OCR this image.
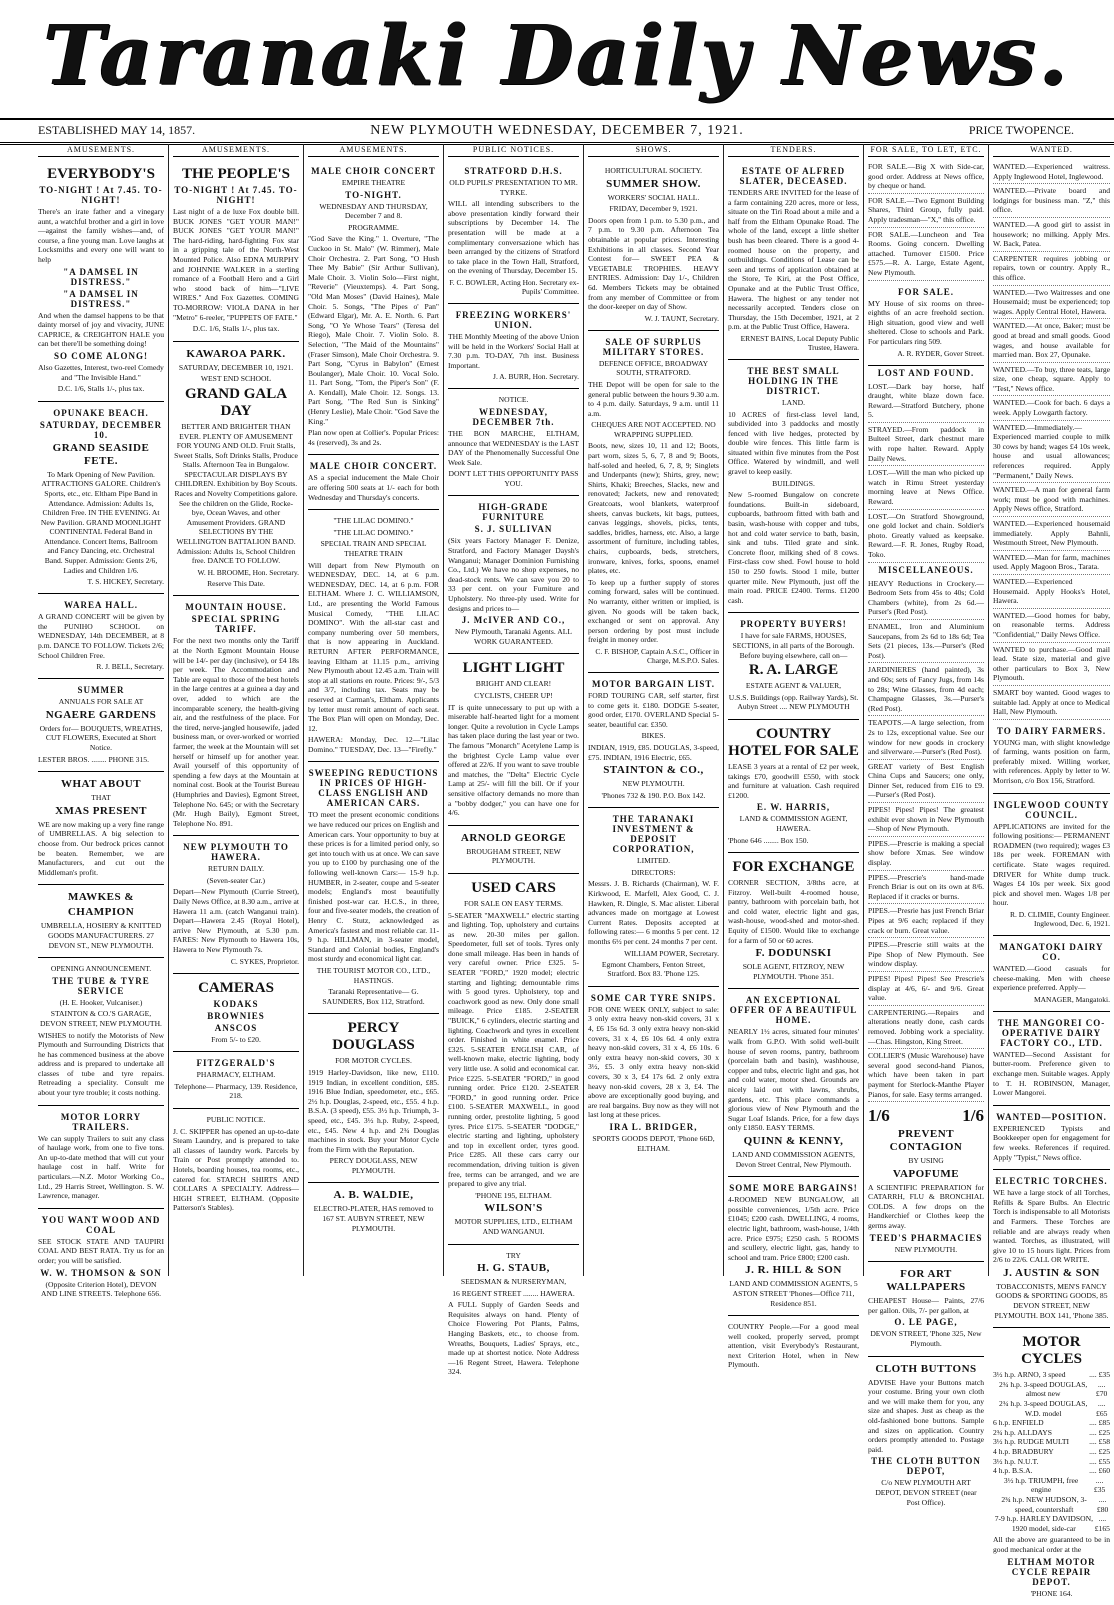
Taranaki Daily News.
ESTABLISHED MAY 14, 1857.	NEW PLYMOUTH WEDNESDAY, DECEMBER 7, 1921.	PRICE TWOPENCE.
AMUSEMENTS.
EVERYBODY'S
TO-NIGHT ! At 7.45. TO-NIGHT!
There's an irate father and a vinegary aunt, a watchful brother and a girl in love—against the family wishes—and, of course, a fine young man. Love laughs at Locksmiths and every one will want to help
"A DAMSEL IN DISTRESS."
"A DAMSEL IN DISTRESS."
And when the damsel happens to be that dainty morsel of joy and vivacity, JUNE CAPRICE, & CREIGHTON HALE you can bet there'll be something doing!
SO COME ALONG!
Also Gazettes, Interest, two-reel Comedy and "The Invisible Hand."
D.C. 1/6, Stalls 1/-, plus tax.
OPUNAKE BEACH.
SATURDAY, DECEMBER 10.
GRAND SEASIDE FETE.
To Mark Opening of New Pavilion. ATTRACTIONS GALORE. Children's Sports, etc., etc. Eltham Pipe Band in Attendance. Admission: Adults 1s, Children Free. IN THE EVENING. At New Pavilion. GRAND MOONLIGHT CONTINENTAL Federal Band in Attendance. Concert Items, Ballroom and Fancy Dancing, etc. Orchestral Band. Supper. Admission: Gents 2/6, Ladies and Children 1/6.
T. S. HICKEY, Secretary.
WAREA HALL.
A GRAND CONCERT will be given by the PUNIHO SCHOOL on WEDNESDAY, 14th DECEMBER, at 8 p.m. DANCE TO FOLLOW. Tickets 2/6; School Children Free.
R. J. BELL, Secretary.
SUMMER
ANNUALS FOR SALE AT
NGAERE GARDENS
Orders for— BOUQUETS, WREATHS, CUT FLOWERS, Executed at Short Notice.
LESTER BROS. ........ PHONE 315.
WHAT ABOUT
THAT
XMAS PRESENT
WE are now making up a very fine range of UMBRELLAS. A big selection to choose from. Our bedrock prices cannot be beaten. Remember, we are Manufacturers, and cut out the Middleman's profit.
MAWKES &
CHAMPION
UMBRELLA, HOSIERY & KNITTED GOODS MANUFACTURERS. 27 DEVON ST., NEW PLYMOUTH.
OPENING ANNOUNCEMENT.
THE TUBE & TYRE SERVICE
(H. E. Hooker, Vulcaniser.)
STAINTON & CO.'S GARAGE, DEVON STREET, NEW PLYMOUTH.
WISHES to notify the Motorists of New Plymouth and Surrounding Districts that he has commenced business at the above address and is prepared to undertake all classes of tube and tyre repairs. Retreading a speciality. Consult me about your tyre trouble; it costs nothing.
MOTOR LORRY TRAILERS.
We can supply Trailers to suit any class of haulage work, from one to five tons. An up-to-date method that will cut your haulage cost in half. Write for particulars.—N.Z. Motor Working Co., Ltd., 29 Harris Street, Wellington. S. W. Lawrence, manager.
YOU WANT WOOD AND COAL
SEE STOCK STATE AND TAUPIRI COAL AND BEST RATA. Try us for an order; you will be satisfied.
W. W. THOMSON & SON
(Opposite Criterion Hotel), DEVON AND LINE STREETS. Telephone 656.
AMUSEMENTS.
THE PEOPLE'S
TO-NIGHT ! At 7.45. TO-NIGHT!
Last night of a de luxe Fox double bill. BUCK JONES "GET YOUR MAN!" BUCK JONES "GET YOUR MAN!" The hard-riding, hard-fighting Fox star in a gripping tale of the North-West Mounted Police. Also EDNA MURPHY and JOHNNIE WALKER in a sterling romance of a Football Hero and a Girl who stood back of him—"LIVE WIRES." And Fox Gazettes. COMING TO-MORROW: VIOLA DANA in her "Metro" 6-reeler, "PUPPETS OF FATE."
D.C. 1/6, Stalls 1/-, plus tax.
KAWAROA PARK.
SATURDAY, DECEMBER 10, 1921.
WEST END SCHOOL
GRAND GALA DAY
BETTER AND BRIGHTER THAN EVER. PLENTY OF AMUSEMENT FOR YOUNG AND OLD. Fruit Stalls, Sweet Stalls, Soft Drinks Stalls, Produce Stalls. Afternoon Tea in Bungalow. SPECTACULAR DISPLAYS BY CHILDREN. Exhibition by Boy Scouts. Races and Novelty Competitions galore. See the children on the Glide, Rocke-bye, Ocean Waves, and other Amusement Providers. GRAND SELECTIONS BY THE WELLINGTON BATTALION BAND. Admission: Adults 1s, School Children free. DANCE TO FOLLOW.
W. H. BROOME, Hon. Secretary.
Reserve This Date.
MOUNTAIN HOUSE.
SPECIAL SPRING TARIFF.
For the next two months only the Tariff at the North Egmont Mountain House will be 14/- per day (inclusive), or £4 18s per week. The Accommodation and Table are equal to those of the best hotels in the large centres at a guinea a day and over, added to which are the incomparable scenery, the health-giving air, and the restfulness of the place. For the tired, nerve-jangled housewife, jaded business man, or over-worked or worried farmer, the week at the Mountain will set herself or himself up for another year. Avail yourself of this opportunity of spending a few days at the Mountain at nominal cost. Book at the Tourist Bureau (Humphries and Davies), Egmont Street, Telephone No. 645; or with the Secretary (Mr. Hugh Baily), Egmont Street, Telephone No. 891.
NEW PLYMOUTH TO HAWERA.
RETURN DAILY.
(Seven-seater Car.)
Depart—New Plymouth (Currie Street), Daily News Office, at 8.30 a.m., arrive at Hawera 11 a.m. (catch Wanganui train). Depart—Hawera 2.45 (Royal Hotel), arrive New Plymouth, at 5.30 p.m. FARES: New Plymouth to Hawera 10s, Hawera to New Plymouth 7s.
C. SYKES, Proprietor.
CAMERAS
KODAKS
BROWNIES
ANSCOS
From 5/- to £20.
FITZGERALD'S
PHARMACY, ELTHAM.
Telephone— Pharmacy, 139. Residence, 218.
PUBLIC NOTICE.
J. C. SKIPPER has opened an up-to-date Steam Laundry, and is prepared to take all classes of laundry work. Parcels by Train or Post promptly attended to. Hotels, boarding houses, tea rooms, etc., catered for. STARCH SHIRTS AND COLLARS A SPECIALTY. Address— HIGH STREET, ELTHAM. (Opposite Patterson's Stables).
AMUSEMENTS.
MALE CHOIR CONCERT
EMPIRE THEATRE
TO-NIGHT.
WEDNESDAY AND THURSDAY, December 7 and 8.
PROGRAMME.
"God Save the King." 1. Overture, "The Cuckoo in St. Malo" (W. Rimmer), Male Choir Orchestra. 2. Part Song, "O Hush Thee My Babie" (Sir Arthur Sullivan), Male Choir. 3. Violin Solo—First night, "Reverie" (Vieuxtemps). 4. Part Song, "Old Man Moses" (David Haines), Male Choir. 5. Songs, "The Pipes o' Pan" (Edward Elgar), Mr. A. E. North. 6. Part Song, "O Ye Whose Tears" (Teresa del Riego), Male Choir. 7. Violin Solo. 8. Selection, "The Maid of the Mountains" (Fraser Simson), Male Choir Orchestra. 9. Part Song, "Cyrus in Babylon" (Ernest Boulanger), Male Choir. 10. Vocal Solo. 11. Part Song, "Tom, the Piper's Son" (F. A. Kendall), Male Choir. 12. Songs. 13. Part Song, "The Red Sun is Sinking" (Henry Leslie), Male Choir. "God Save the King."
Plan now open at Collier's. Popular Prices: 4s (reserved), 3s and 2s.
MALE CHOIR CONCERT.
AS a special inducement the Male Choir are offering 500 seats at 1/- each for both Wednesday and Thursday's concerts.
"THE LILAC DOMINO."
"THE LILAC DOMINO."
SPECIAL TRAIN AND SPECIAL THEATRE TRAIN
Will depart from New Plymouth on WEDNESDAY, DEC. 14, at 6 p.m. WEDNESDAY, DEC. 14, at 6 p.m. FOR ELTHAM. Where J. C. WILLIAMSON, Ltd., are presenting the World Famous Musical Comedy, "THE LILAC DOMINO". With the all-star cast and company numbering over 50 members, that is now appearing in Auckland. RETURN AFTER PERFORMANCE, leaving Eltham at 11.15 p.m., arriving New Plymouth about 12.45 a.m. Train will stop at all stations en route. Prices: 9/-, 5/3 and 3/7, including tax. Seats may be reserved at Carman's, Eltham. Applicants by letter must remit amount of each seat. The Box Plan will open on Monday, Dec. 12.
HAWERA: Monday, Dec. 12—"Lilac Domino." TUESDAY, Dec. 13—"Firefly."
SWEEPING REDUCTIONS IN PRICES OF HIGH-CLASS ENGLISH AND AMERICAN CARS.
TO meet the present economic conditions we have reduced our prices on English and American cars. Your opportunity to buy at these prices is for a limited period only, so get into touch with us at once. We can save you up to £100 by purchasing one of the following well-known Cars:— 15-9 h.p. HUMBER, in 2-seater, coupe and 5-seater models; England's most beautifully finished post-war car. H.C.S., in three, four and five-seater models, the creation of Henry C. Stutz, acknowledged as America's fastest and most reliable car. 11-9 h.p. HILLMAN, in 3-seater model, Standard and Colonial bodies, England's most sturdy and economical light car.
THE TOURIST MOTOR CO., LTD., HASTINGS.
Taranaki Representative— G. SAUNDERS, Box 112, Stratford.
PERCY DOUGLASS
FOR MOTOR CYCLES.
1919 Harley-Davidson, like new, £110. 1919 Indian, in excellent condition, £85. 1916 Blue Indian, speedometer, etc., £65. 2½ h.p. Douglas, 2-speed, etc., £55. 4 h.p. B.S.A. (3 speed), £55. 3½ h.p. Triumph, 3-speed, etc., £45. 3½ h.p. Ruby, 2-speed, etc., £45. New 4 h.p. and 2¾ Douglas machines in stock. Buy your Motor Cycle from the Firm with the Reputation.
PERCY DOUGLASS, NEW PLYMOUTH.
A. B. WALDIE,
ELECTRO-PLATER, HAS removed to 167 ST. AUBYN STREET, NEW PLYMOUTH.
PUBLIC NOTICES.
STRATFORD D.H.S.
OLD PUPILS' PRESENTATION TO MR. TYRKE.
WILL all intending subscribers to the above presentation kindly forward their subscriptions by December 14. The presentation will be made at a complimentary conversazione which has been arranged by the citizens of Stratford to take place in the Town Hall, Stratford, on the evening of Thursday, December 15.
F. C. BOWLER, Acting Hon. Secretary ex-Pupils' Committee.
FREEZING WORKERS' UNION.
THE Monthly Meeting of the above Union will be held in the Workers' Social Hall at 7.30 p.m. TO-DAY, 7th inst. Business Important.
J. A. BURR, Hon. Secretary.
NOTICE.
WEDNESDAY, DECEMBER 7th.
THE BON MARCHE, ELTHAM, announce that WEDNESDAY is the LAST DAY of the Phenomenally Successful One Week Sale.
DON'T LET THIS OPPORTUNITY PASS YOU.
HIGH-GRADE FURNITURE
S. J. SULLIVAN
(Six years Factory Manager F. Denize, Stratford, and Factory Manager Daysh's Wanganui; Manager Dominion Furnishing Co., Ltd.) We have no shop expenses, no dead-stock rents. We can save you 20 to 33 per cent. on your Furniture and Upholstery. No three-ply used. Write for designs and prices to—
J. McIVER AND CO.,
New Plymouth, Taranaki Agents. ALL WORK GUARANTEED.
LIGHT LIGHT
BRIGHT AND CLEAR!
CYCLISTS, CHEER UP!
IT is quite unnecessary to put up with a miserable half-hearted light for a moment longer. Quite a revolution in Cycle Lamps has taken place during the last year or two. The famous "Monarch" Acetylene Lamp is the brightest Cycle Lamp value ever offered at 22/6. If you want to save trouble and matches, the "Delta" Electric Cycle Lamp at 25/- will fill the bill. Or if your sensitive olfactory demands no more than a "bobby dodger," you can have one for 4/6.
ARNOLD GEORGE
BROUGHAM STREET, NEW PLYMOUTH.
USED CARS
FOR SALE ON EASY TERMS.
5-SEATER "MAXWELL" electric starting and lighting. Top, upholstery and curtains as new. 20-30 miles per gallon. Speedometer, full set of tools. Tyres only done small mileage. Has been in hands of very careful owner. Price £325. 5-SEATER "FORD," 1920 model; electric starting and lighting; demountable rims with 5 good tyres. Upholstery, top and coachwork good as new. Only done small mileage. Price £185. 2-SEATER "BUICK," 6 cylinders, electric starting and lighting. Coachwork and tyres in excellent order. Finished in white enamel. Price £325. 5-SEATER ENGLISH CAR, of well-known make, electric lighting, body very little use. A solid and economical car. Price £225. 5-SEATER "FORD," in good running order. Price £120. 2-SEATER "FORD," in good running order. Price £100. 5-SEATER MAXWELL, in good running order, prestolite lighting, 5 good tyres. Price £175. 5-SEATER "DODGE," electric starting and lighting, upholstery and top in excellent order, tyres good. Price £285. All these cars carry our recommendation, driving tuition is given free, terms can be arranged, and we are prepared to give any trial.
'PHONE 195, ELTHAM.
WILSON'S
MOTOR SUPPLIES, LTD., ELTHAM AND WANGANUI.
TRY
H. G. STAUB,
SEEDSMAN & NURSERYMAN,
16 REGENT STREET ........ HAWERA.
A FULL Supply of Garden Seeds and Requisites always on hand. Plenty of Choice Flowering Pot Plants, Palms, Hanging Baskets, etc., to choose from. Wreaths, Bouquets, Ladies' Sprays, etc., made up at shortest notice. Note Address—16 Regent Street, Hawera. Telephone 324.
SHOWS.
HORTICULTURAL SOCIETY.
SUMMER SHOW.
WORKERS' SOCIAL HALL.
FRIDAY, December 9, 1921.
Doors open from 1 p.m. to 5.30 p.m., and 7 p.m. to 9.30 p.m. Afternoon Tea obtainable at popular prices. Interesting Exhibitions in all classes. Second Year Contest for— SWEET PEA & VEGETABLE TROPHIES. HEAVY ENTRIES. Admission: Day 1/-, Children 6d. Members Tickets may be obtained from any member of Committee or from the door-keeper on day of Show.
W. J. TAUNT, Secretary.
SALE OF SURPLUS MILITARY STORES.
DEFENCE OFFICE, BROADWAY SOUTH, STRATFORD.
THE Depot will be open for sale to the general public between the hours 9.30 a.m. to 4 p.m. daily. Saturdays, 9 a.m. until 11 a.m.
CHEQUES ARE NOT ACCEPTED. NO WRAPPING SUPPLIED.
Boots, new, sizes 10, 11 and 12; Boots, part worn, sizes 5, 6, 7, 8 and 9; Boots, half-soled and heeled, 6, 7, 8, 9; Singlets and Underpants (new); Shirts, grey, new; Shirts, Khaki; Breeches, Slacks, new and renovated; Jackets, new and renovated; Greatcoats, wool blankets, waterproof sheets, canvas buckets, kit bags, puttees, canvas leggings, shovels, picks, tents, saddles, bridles, harness, etc. Also, a large assortment of furniture, including tables, chairs, cupboards, beds, stretchers, ironware, knives, forks, spoons, enamel plates, etc.
To keep up a further supply of stores coming forward, sales will be continued. No warranty, either written or implied, is given. No goods will be taken back, exchanged or sent on approval. Any person ordering by post must include freight in money order.
C. F. BISHOP, Captain A.S.C., Officer in Charge, M.S.P.O. Sales.
MOTOR BARGAIN LIST.
FORD TOURING CAR, self starter, first to come gets it. £180. DODGE 5-seater, good order, £170. OVERLAND Special 5-seater, beautiful car. £350.
BIKES.
INDIAN, 1919, £85. DOUGLAS, 3-speed, £75. INDIAN, 1916 Electric, £65.
STAINTON & CO.,
NEW PLYMOUTH.
'Phones 732 & 190. P.O. Box 142.
THE TARANAKI INVESTMENT & DEPOSIT CORPORATION,
LIMITED.
DIRECTORS:
Messrs. J. B. Richards (Chairman), W. F. Kirkwood, E. Marfell, Alex Good, C. J. Hawken, R. Dingle, S. Mac alister. Liberal advances made on mortgage at Lowest Current Rates. Deposits accepted at following rates:— 6 months 5 per cent. 12 months 6½ per cent. 24 months 7 per cent.
WILLIAM POWER, Secretary.
Egmont Chambers, Fenton Street, Stratford. Box 83. 'Phone 125.
SOME CAR TYRE SNIPS.
FOR ONE WEEK ONLY, subject to sale: 3 only extra heavy non-skid covers, 31 x 4, £6 15s 6d. 3 only extra heavy non-skid covers, 31 x 4, £6 10s 6d. 4 only extra heavy non-skid covers, 31 x 4, £6 10s. 6 only extra heavy non-skid covers, 30 x 3½, £5. 3 only extra heavy non-skid covers, 30 x 3, £4 17s 6d. 2 only extra heavy non-skid covers, 28 x 3, £4. The above are exceptionally good buying, and are real bargains. Buy now as they will not last long at these prices.
IRA L. BRIDGER,
SPORTS GOODS DEPOT, 'Phone 66D, ELTHAM.
TENDERS.
ESTATE OF ALFRED SLATER, DECEASED.
TENDERS ARE INVITED for the lease of a farm containing 220 acres, more or less, situate on the Tiri Road about a mile and a half from the Eltham Opunake Road. The whole of the land, except a little shelter bush has been cleared. There is a good 4-roomed house on the property, and outbuildings. Conditions of Lease can be seen and terms of application obtained at the Store, Te Kiri, at the Post Office, Opunake and at the Public Trust Office, Hawera. The highest or any tender not necessarily accepted. Tenders close on Thursday, the 15th December, 1921, at 2 p.m. at the Public Trust Office, Hawera.
ERNEST BAINS, Local Deputy Public Trustee, Hawera.
THE BEST SMALL HOLDING IN THE DISTRICT.
LAND.
10 ACRES of first-class level land, subdivided into 3 paddocks and mostly fenced with live hedges, protected by double wire fences. This little farm is situated within five minutes from the Post Office. Watered by windmill, and well gravel to keep easily.
BUILDINGS.
New 5-roomed Bungalow on concrete foundations. Built-in sideboard, cupboards, bathroom fitted with bath and basin, wash-house with copper and tubs, hot and cold water service to bath, basin, sink and tubs. Tiled grate and sink. Concrete floor, milking shed of 8 cows. First-class cow shed. Fowl house to hold 150 to 250 fowls. Stood 1 mile, butter quarter mile. New Plymouth, just off the main road. PRICE £2400. Terms. £1200 cash.
PROPERTY BUYERS!
I have for sale FARMS, HOUSES, SECTIONS, in all parts of the Borough. Before buying elsewhere, call on—
R. A. LARGE
ESTATE AGENT & VALUER,
U.S.S. Buildings (opp. Railway Yards), St. Aubyn Street .... NEW PLYMOUTH
COUNTRY HOTEL FOR SALE
LEASE 3 years at a rental of £2 per week, takings £70, goodwill £550, with stock and furniture at valuation. Cash required £1200.
E. W. HARRIS,
LAND & COMMISSION AGENT, HAWERA.
'Phone 646 ........ Box 150.
FOR EXCHANGE
CORNER SECTION, 3/8ths acre, at Fitzroy. Well-built 4-roomed house, pantry, bathroom with porcelain bath, hot and cold water, electric light and gas, wash-house, wood-shed and motor-shed. Equity of £1500. Would like to exchange for a farm of 50 or 60 acres.
F. DODUNSKI
SOLE AGENT, FITZROY, NEW PLYMOUTH. 'Phone 351.
AN EXCEPTIONAL OFFER OF A BEAUTIFUL HOME.
NEARLY 1½ acres, situated four minutes' walk from G.P.O. With solid well-built house of seven rooms, pantry, bathroom (porcelain bath and basin), washhouse, copper and tubs, electric light and gas, hot and cold water, motor shed. Grounds are nicely laid out with lawns, shrubs, gardens, etc. This place commands a glorious view of New Plymouth and the Sugar Loaf Islands. Price, for a few days only £1850. EASY TERMS.
QUINN & KENNY,
LAND AND COMMISSION AGENTS, Devon Street Central, New Plymouth.
SOME MORE BARGAINS!
4-ROOMED NEW BUNGALOW, all possible conveniences, 1/5th acre. Price £1045; £200 cash. DWELLING, 4 rooms, electric light, bathroom, wash-house, 1/4th acre. Price £975; £250 cash. 5 ROOMS and scullery, electric light, gas, handy to school and tram. Price £800; £200 cash.
J. R. HILL & SON
LAND AND COMMISSION AGENTS, 5 ASTON STREET 'Phones—Office 711, Residence 851.
COUNTRY People.—For a good meal well cooked, properly served, prompt attention, visit Everybody's Restaurant, next Criterion Hotel, when in New Plymouth.
FOR SALE, TO LET, ETC.
FOR SALE.—Big X with Side-car, good order. Address at News office, by cheque or hand.
FOR SALE.—Two Egmont Building Shares, Third Group, fully paid. Apply tradesman—"X," this office.
FOR SALE.—Luncheon and Tea Rooms. Going concern. Dwelling attached. Turnover £1500. Price £575.—R. A. Large, Estate Agent, New Plymouth.
FOR SALE.
MY House of six rooms on three-eighths of an acre freehold section. High situation, good view and well sheltered. Close to schools and Park. For particulars ring 509.
A. R. RYDER, Gover Street.
LOST AND FOUND.
LOST.—Dark bay horse, half draught, white blaze down face. Reward.—Stratford Butchery, phone 5.
STRAYED.—From paddock in Bulteel Street, dark chestnut mare with rope halter. Reward. Apply Daily News.
LOST.—Will the man who picked up watch in Rimu Street yesterday morning leave at News Office. Reward.
LOST.—On Stratford Showground, one gold locket and chain. Soldier's photo. Greatly valued as keepsake. Reward.—F. R. Jones, Rugby Road, Toko.
MISCELLANEOUS.
HEAVY Reductions in Crockery.—Bedroom Sets from 45s to 40s; Cold Chambers (white), from 2s 6d.—Purser's (Red Post).
ENAMEL, Iron and Aluminium Saucepans, from 2s 6d to 18s 6d; Tea Sets (21 pieces, 13s.—Purser's (Red Post).
JARDINIERES (hand painted), 3s and 60s; sets of Fancy Jugs, from 14s to 28s; Wine Glasses, from 4d each; Champagne Glasses, 3s.—Purser's (Red Post).
TEAPOTS.—A large selection, from 2s to 12s, exceptional value. See our window for new goods in crockery and silverware.—Purser's (Red Post).
GREAT variety of Best English China Cups and Saucers; one only, Dinner Set, reduced from £16 to £9.—Purser's (Red Post).
PIPES! Pipes! Pipes! The greatest exhibit ever shown in New Plymouth—Shop of New Plymouth.
PIPES.—Prescrie is making a special show before Xmas. See window display.
PIPES.—Prescrie's hand-made French Briar is out on its own at 8/6. Replaced if it cracks or burns.
PIPES.—Presrie has just French Briar Pipes at 9/6 each; replaced if they crack or burn. Great value.
PIPES.—Prescrie still waits at the Pipe Shop of New Plymouth. See window display.
PIPES! Pipes! Pipes! See Prescrie's display at 4/6, 6/- and 9/6. Great value.
CARPENTERING.—Repairs and alterations neatly done, cash cards removed. Jobbing work a speciality.—Chas. Hingston, King Street.
COLLIER'S (Music Warehouse) have several good second-hand Pianos, which have been taken in part payment for Sterlock-Manthe Player Pianos, for sale. Easy terms arranged.
1/6	1/6
PREVENT CONTAGION
BY USING
VAPOFUME
A SCIENTIFIC PREPARATION for CATARRH, FLU & BRONCHIAL COLDS. A few drops on the Handkerchief or Clothes keep the germs away.
TEED'S PHARMACIES
NEW PLYMOUTH.
FOR ART WALLPAPERS
CHEAPEST House— Paints, 27/6 per gallon. Oils, 7/- per gallon, at
O. LE PAGE,
DEVON STREET, 'Phone 325, New Plymouth.
CLOTH BUTTONS
ADVISE Have your Buttons match your costume. Bring your own cloth and we will make them for you, any size and shapes. Just as cheap as the old-fashioned bone buttons. Sample and sizes on application. Country orders promptly attended to. Postage paid.
THE CLOTH BUTTON DEPOT,
C/o NEW PLYMOUTH ART DEPOT, DEVON STREET (near Post Office).
WANTED.
WANTED.—Experienced waitress. Apply Inglewood Hotel, Inglewood.
WANTED.—Private board and lodgings for business man. "Z," this office.
WANTED.—A good girl to assist in housework; no milking. Apply Mrs. W. Back, Patea.
CARPENTER requires jobbing or repairs, town or country. Apply R., this office.
WANTED.—Two Waitresses and one Housemaid; must be experienced; top wages. Apply Central Hotel, Hawera.
WANTED.—At once, Baker; must be good at bread and small goods. Good wages, and house available for married man. Box 27, Opunake.
WANTED.—To buy, three teats, large size, one cheap, square. Apply to "Test," News office.
WANTED.—Cook for bach. 6 days a week. Apply Lowgarth factory.
WANTED.—Immediately.—Experienced married couple to milk 30 cows by hand; wages £4 10s week, house and usual allowances; references required. Apply "Permanent," Daily News.
WANTED.—A man for general farm work; must be good with machines. Apply News office, Stratford.
WANTED.—Experienced housemaid immediately. Apply Bahnli, Westmouth Street, New Plymouth.
WANTED.—Man for farm, machines used. Apply Magoon Bros., Tarata.
WANTED.—Experienced Housemaid. Apply Hooks's Hotel, Hawera.
WANTED.—Good homes for baby, on reasonable terms. Address "Confidential," Daily News Office.
WANTED to purchase.—Good mail lead. State size, material and give other particulars to Box 3, New Plymouth.
SMART boy wanted. Good wages to suitable lad. Apply at once to Medical Hall, New Plymouth.
TO DAIRY FARMERS.
YOUNG man, with slight knowledge of farming, wants position on farm, preferably mixed. Willing worker, with references. Apply by letter to W. Morrison, c/o Box 156, Stratford.
INGLEWOOD COUNTY COUNCIL.
APPLICATIONS are invited for the following positions:— PERMANENT ROADMEN (two required); wages £3 18s per week. FOREMAN with certificate. State wages required. DRIVER for White dump truck. Wages £4 10s per week. Six good pick and shovel men. Wages 1/8 per hour.
R. D. CLIMIE, County Engineer. Inglewood, Dec. 6, 1921.
MANGATOKI DAIRY CO.
WANTED.—Good casuals for cheese-making. Men with cheese experience preferred. Apply—
MANAGER, Mangatoki.
THE MANGOREI CO-OPERATIVE DAIRY FACTORY CO., LTD.
WANTED—Second Assistant for butter-room. Preference given to exchange men. Suitable wages. Apply to T. H. ROBINSON, Manager, Lower Mangorei.
WANTED—POSITION.
EXPERIENCED Typists and Bookkeeper open for engagement for few weeks. References if required. Apply "Typist," News office.
ELECTRIC TORCHES.
WE have a large stock of all Torches, Refills & Spare Bulbs. An Electric Torch is indispensable to all Motorists and Farmers. These Torches are reliable and are always ready when wanted. Torches, as illustrated, will give 10 to 15 hours light. Prices from 2/6 to 22/6. CALL OR WRITE.
J. AUSTIN & SON
TOBACCONISTS, MEN'S FANCY GOODS & SPORTING GOODS, 85 DEVON STREET, NEW PLYMOUTH. BOX 141, 'Phone 385.
MOTOR CYCLES
3½ h.p. ARNO, 3 speed	.... £35
2¾ h.p. 3-speed DOUGLAS, almost new
.... £70
2¾ h.p. 3-speed DOUGLAS, W.D. model
.... £65
6 h.p. ENFIELD	.... £85
2¾ h.p. ALLDAYS	.... £25
3½ h.p. RUDGE MULTI	.... £58
4 h.p. BRADBURY	.... £25
3½ h.p. N.U.T.	.... £55
4 h.p. B.S.A.	.... £60
3½ h.p. TRIUMPH, free engine
.... £35
2¾ h.p. NEW HUDSON, 3-speed, countershaft
.... £80
7-9 h.p. HARLEY DAVIDSON, 1920 model, side-car
.... £165
All the above are guaranteed to be in good mechanical order at the
ELTHAM MOTOR CYCLE REPAIR DEPOT.
'PHONE 164.
